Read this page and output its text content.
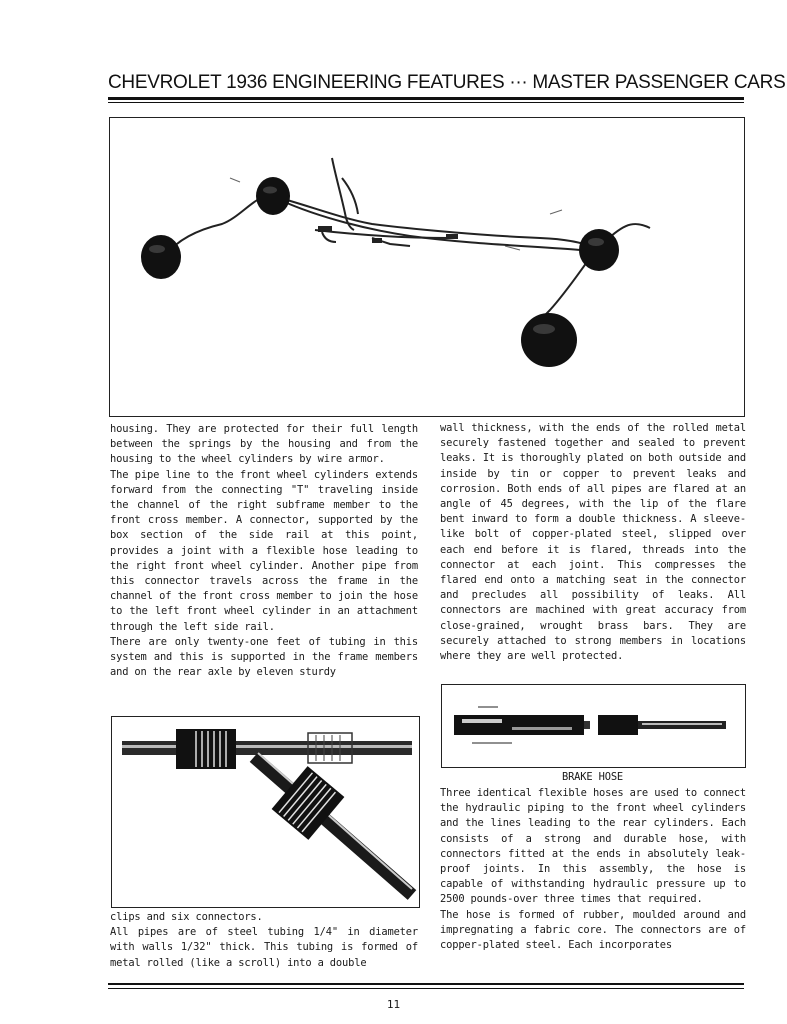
CHEVROLET 1936 ENGINEERING FEATURES ··· MASTER PASSENGER CARS

housing. They are protected for their full length between the springs by the housing and from the housing to the wheel cylinders by wire armor.

The pipe line to the front wheel cylinders extends forward from the connecting "T" traveling inside the channel of the right subframe member to the front cross member. A connector, supported by the box section of the side rail at this point, provides a joint with a flexible hose leading to the right front wheel cylinder. Another pipe from this connector travels across the frame in the channel of the front cross member to join the hose to the left front wheel cylinder in an attachment through the left side rail.

There are only twenty-one feet of tubing in this system and this is supported in the frame members and on the rear axle by eleven sturdy

clips and six connectors.

All pipes are of steel tubing 1/4" in diameter with walls 1/32" thick. This tubing is formed of metal rolled (like a scroll) into a double

wall thickness, with the ends of the rolled metal securely fastened together and sealed to prevent leaks. It is thoroughly plated on both outside and inside by tin or copper to prevent leaks and corrosion. Both ends of all pipes are flared at an angle of 45 degrees, with the lip of the flare bent inward to form a double thickness. A sleeve-like bolt of copper-plated steel, slipped over each end before it is flared, threads into the connector at each joint. This compresses the flared end onto a matching seat in the connector and precludes all possibility of leaks. All connectors are machined with great accuracy from close-grained, wrought brass bars. They are securely attached to strong members in locations where they are well protected.

BRAKE HOSE

Three identical flexible hoses are used to connect the hydraulic piping to the front wheel cylinders and the lines leading to the rear cylinders. Each consists of a strong and durable hose, with connectors fitted at the ends in absolutely leak-proof joints. In this assembly, the hose is capable of withstanding hydraulic pressure up to 2500 pounds-over three times that required.

The hose is formed of rubber, moulded around and impregnating a fabric core. The connectors are of copper-plated steel. Each incorporates

11
